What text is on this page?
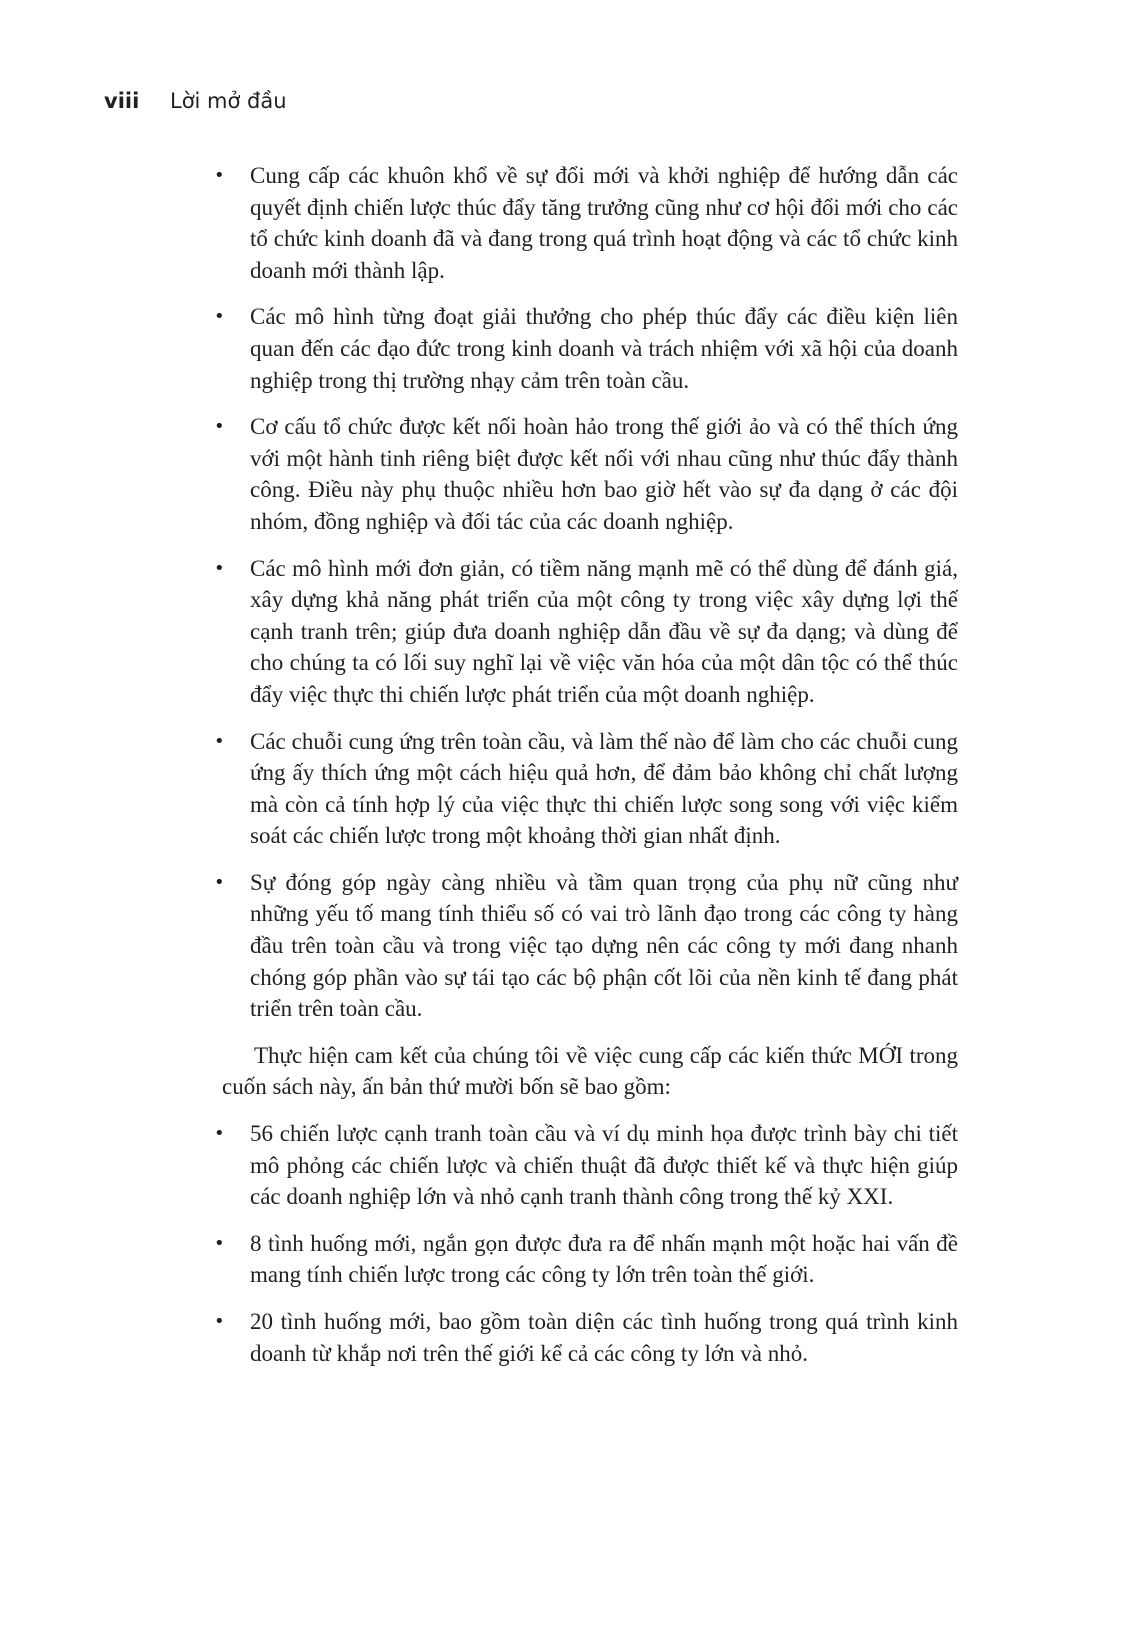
viii Lời mở đầu
• Cung cấp các khuôn khổ về sự đổi mới và khởi nghiệp để hướng dẫn các quyết định chiến lược thúc đẩy tăng trưởng cũng như cơ hội đổi mới cho các tổ chức kinh doanh đã và đang trong quá trình hoạt động và các tổ chức kinh doanh mới thành lập.
• Các mô hình từng đoạt giải thưởng cho phép thúc đẩy các điều kiện liên quan đến các đạo đức trong kinh doanh và trách nhiệm với xã hội của doanh nghiệp trong thị trường nhạy cảm trên toàn cầu.
• Cơ cấu tổ chức được kết nối hoàn hảo trong thế giới ảo và có thể thích ứng với một hành tinh riêng biệt được kết nối với nhau cũng như thúc đẩy thành công. Điều này phụ thuộc nhiều hơn bao giờ hết vào sự đa dạng ở các đội nhóm, đồng nghiệp và đối tác của các doanh nghiệp.
• Các mô hình mới đơn giản, có tiềm năng mạnh mẽ có thể dùng để đánh giá, xây dựng khả năng phát triển của một công ty trong việc xây dựng lợi thế cạnh tranh trên; giúp đưa doanh nghiệp dẫn đầu về sự đa dạng; và dùng để cho chúng ta có lối suy nghĩ lại về việc văn hóa của một dân tộc có thể thúc đẩy việc thực thi chiến lược phát triển của một doanh nghiệp.
• Các chuỗi cung ứng trên toàn cầu, và làm thế nào để làm cho các chuỗi cung ứng ấy thích ứng một cách hiệu quả hơn, để đảm bảo không chỉ chất lượng mà còn cả tính hợp lý của việc thực thi chiến lược song song với việc kiểm soát các chiến lược trong một khoảng thời gian nhất định.
• Sự đóng góp ngày càng nhiều và tầm quan trọng của phụ nữ cũng như những yếu tố mang tính thiểu số có vai trò lãnh đạo trong các công ty hàng đầu trên toàn cầu và trong việc tạo dựng nên các công ty mới đang nhanh chóng góp phần vào sự tái tạo các bộ phận cốt lõi của nền kinh tế đang phát triển trên toàn cầu.

Thực hiện cam kết của chúng tôi về việc cung cấp các kiến thức MỚI trong cuốn sách này, ấn bản thứ mười bốn sẽ bao gồm:

• 56 chiến lược cạnh tranh toàn cầu và ví dụ minh họa được trình bày chi tiết mô phỏng các chiến lược và chiến thuật đã được thiết kế và thực hiện giúp các doanh nghiệp lớn và nhỏ cạnh tranh thành công trong thế kỷ XXI.
• 8 tình huống mới, ngắn gọn được đưa ra để nhấn mạnh một hoặc hai vấn đề mang tính chiến lược trong các công ty lớn trên toàn thế giới.
• 20 tình huống mới, bao gồm toàn diện các tình huống trong quá trình kinh doanh từ khắp nơi trên thế giới kể cả các công ty lớn và nhỏ.
